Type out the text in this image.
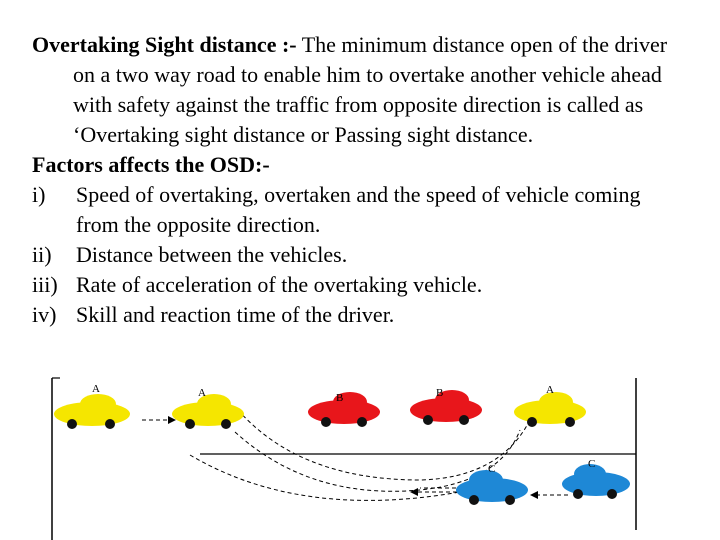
Overtaking Sight distance :- The minimum distance open of the driver on a two way road to enable him to overtake another vehicle ahead with safety against the traffic from opposite direction is called as ‘Overtaking sight distance or Passing sight distance.

Factors affects the OSD:-

i)	Speed of overtaking, overtaken and the speed of vehicle coming from the opposite direction.
ii)	Distance between the vehicles.
iii) Rate of acceleration of the overtaking vehicle.
iv) Skill and reaction time of the driver.
A	A	B	B	A
C	C
